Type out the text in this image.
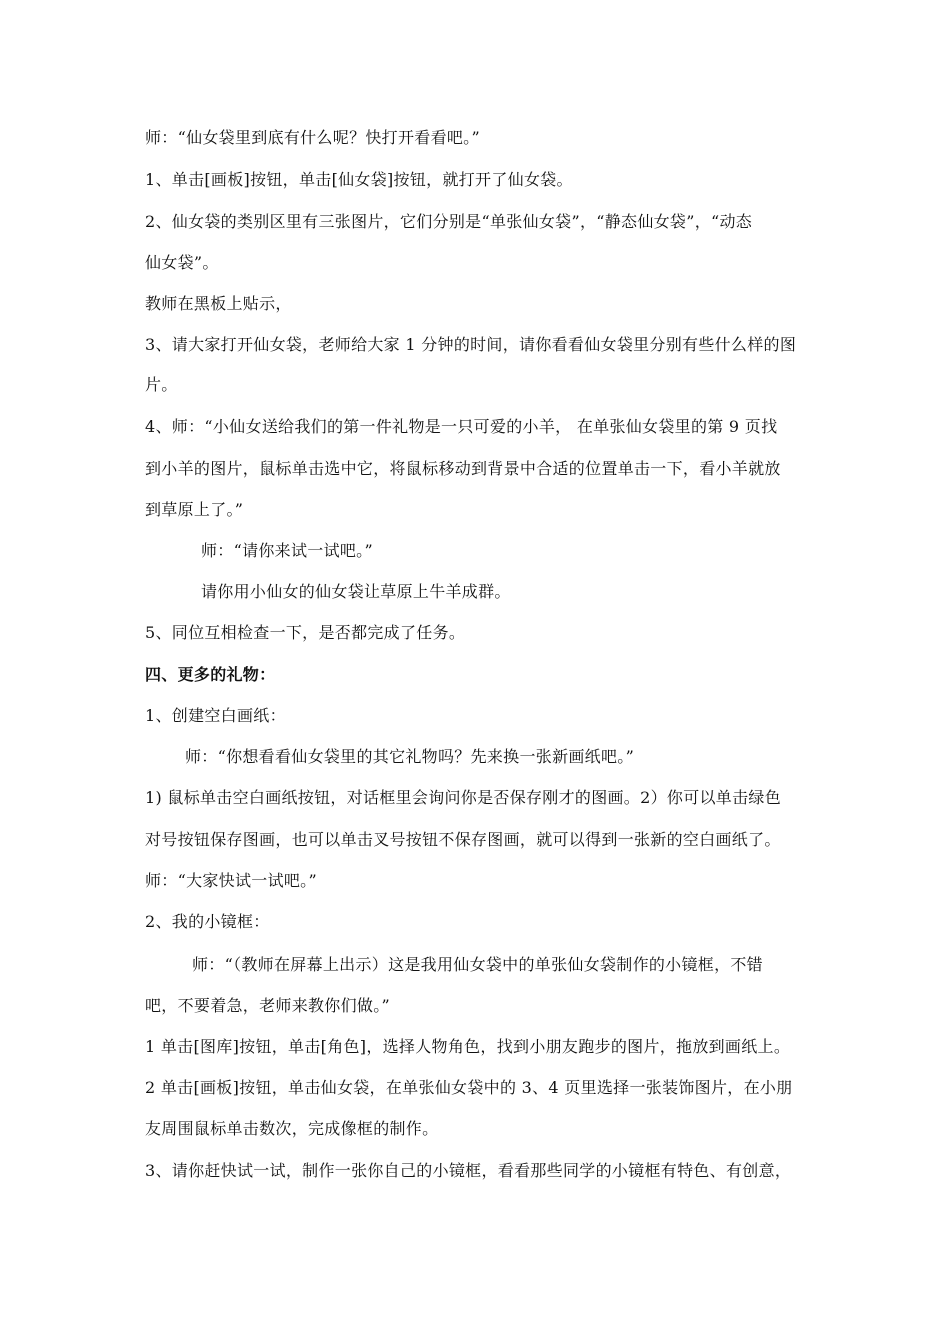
师：“仙女袋里到底有什么呢？快打开看看吧。”
1、单击[画板]按钮，单击[仙女袋]按钮，就打开了仙女袋。
2、仙女袋的类别区里有三张图片，它们分别是“单张仙女袋”，“静态仙女袋”，“动态
仙女袋”。
教师在黑板上贴示，
3、请大家打开仙女袋，老师给大家 1 分钟的时间，请你看看仙女袋里分别有些什么样的图
片。
4、师：“小仙女送给我们的第一件礼物是一只可爱的小羊， 在单张仙女袋里的第 9 页找
到小羊的图片，鼠标单击选中它，将鼠标移动到背景中合适的位置单击一下，看小羊就放
到草原上了。”
师：“请你来试一试吧。”
请你用小仙女的仙女袋让草原上牛羊成群。
5、同位互相检查一下，是否都完成了任务。
四、更多的礼物：
1、创建空白画纸：
师：“你想看看仙女袋里的其它礼物吗？先来换一张新画纸吧。”
1) 鼠标单击空白画纸按钮，对话框里会询问你是否保存刚才的图画。2）你可以单击绿色
对号按钮保存图画，也可以单击叉号按钮不保存图画，就可以得到一张新的空白画纸了。
师：“大家快试一试吧。”
2、我的小镜框：
师：“（教师在屏幕上出示）这是我用仙女袋中的单张仙女袋制作的小镜框，不错
吧，不要着急，老师来教你们做。”
1 单击[图库]按钮，单击[角色]，选择人物角色，找到小朋友跑步的图片，拖放到画纸上。
2 单击[画板]按钮，单击仙女袋，在单张仙女袋中的 3、4 页里选择一张装饰图片，在小朋
友周围鼠标单击数次，完成像框的制作。
3、请你赶快试一试，制作一张你自己的小镜框，看看那些同学的小镜框有特色、有创意，
